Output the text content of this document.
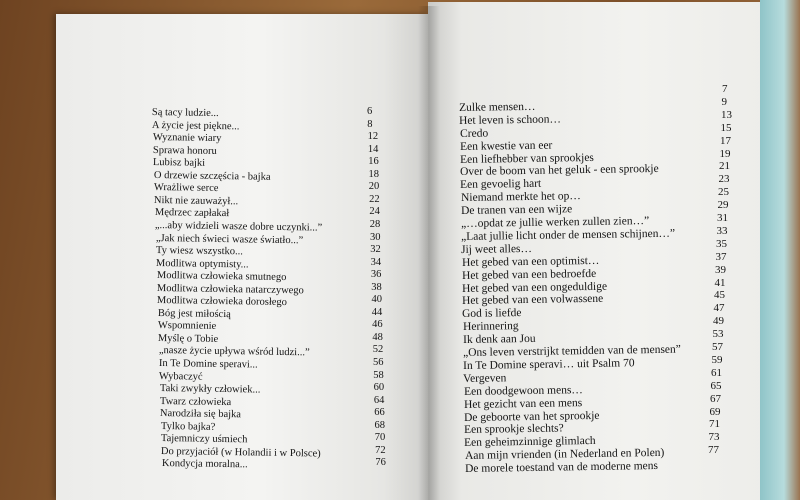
Są tacy ludzie...	6
A życie jest piękne...	8
Wyznanie wiary	12
Sprawa honoru	14
Lubisz bajki	16
O drzewie szczęścia - bajka	18
Wrażliwe serce	20
Nikt nie zauważył...	22
Mędrzec zapłakał	24
„...aby widzieli wasze dobre uczynki...”	28
„Jak niech świeci wasze światło...”	30
Ty wiesz wszystko...	32
Modlitwa optymisty...	34
Modlitwa człowieka smutnego	36
Modlitwa człowieka natarczywego	38
Modlitwa człowieka dorosłego	40
Bóg jest miłością	44
Wspomnienie	46
Myślę o Tobie	48
„nasze życie upływa wśród ludzi...”	52
In Te Domine speravi...	56
Wybaczyć	58
Taki zwykły człowiek...	60
Twarz człowieka	64
Narodziła się bajka	66
Tylko bajka?	68
Tajemniczy uśmiech	70
Do przyjaciół (w Holandii i w Polsce)	72
Kondycja moralna...	76
7
Zulke mensen…	9
Het leven is schoon…	13
Credo	15
Een kwestie van eer	17
Een liefhebber van sprookjes	19
Over de boom van het geluk - een sprookje	21
Een gevoelig hart	23
Niemand merkte het op…	25
De tranen van een wijze	29
„…opdat ze jullie werken zullen zien…”	31
„Laat jullie licht onder de mensen schijnen…”	33
Jij weet alles…	35
Het gebed van een optimist…	37
Het gebed van een bedroefde	39
Het gebed van een ongeduldige	41
Het gebed van een volwassene	45
God is liefde	47
Herinnering	49
Ik denk aan Jou	53
„Ons leven verstrijkt temidden van de mensen”	57
In Te Domine speravi… uit Psalm 70	59
Vergeven	61
Een doodgewoon mens…	65
Het gezicht van een mens	67
De geboorte van het sprookje	69
Een sprookje slechts?	71
Een geheimzinnige glimlach	73
Aan mijn vrienden (in Nederland en Polen)	77
De morele toestand van de moderne mens
